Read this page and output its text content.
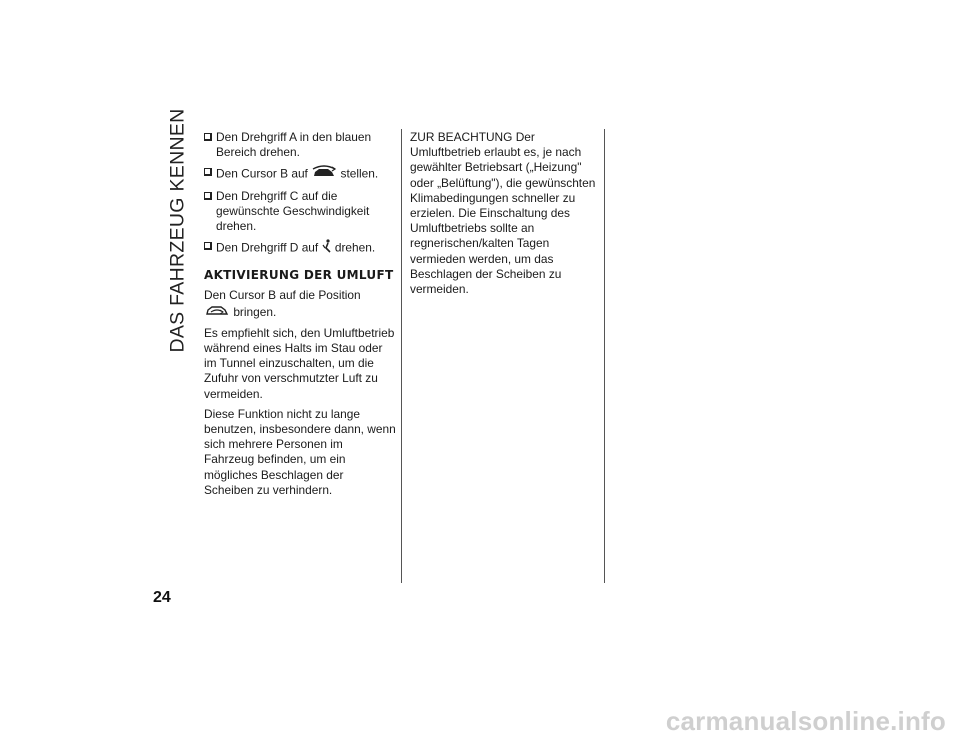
DAS FAHRZEUG KENNEN	Den Drehgriff A in den blauen Bereich drehen.
Den Cursor B auf	stellen.
Den Drehgriff C auf die gewünschte Geschwindigkeit drehen.
Den Drehgriff D auf drehen.
AKTIVIERUNG DER UMLUFT

Den Cursor B auf die Position
bringen.

Es empfiehlt sich, den Umluftbetrieb während eines Halts im Stau oder im Tunnel einzuschalten, um die Zufuhr von verschmutzter Luft zu vermeiden.

Diese Funktion nicht zu lange benutzen, insbesondere dann, wenn sich mehrere Personen im Fahrzeug befinden, um ein mögliches Beschlagen der Scheiben zu verhindern.

ZUR BEACHTUNG Der Umluftbetrieb erlaubt es, je nach gewählter Betriebsart („Heizung" oder „Belüftung"), die gewünschten Klimabedingungen schneller zu erzielen. Die Einschaltung des Umluftbetriebs sollte an regnerischen/kalten Tagen vermieden werden, um das Beschlagen der Scheiben zu vermeiden.

24
carmanualsonline.info
